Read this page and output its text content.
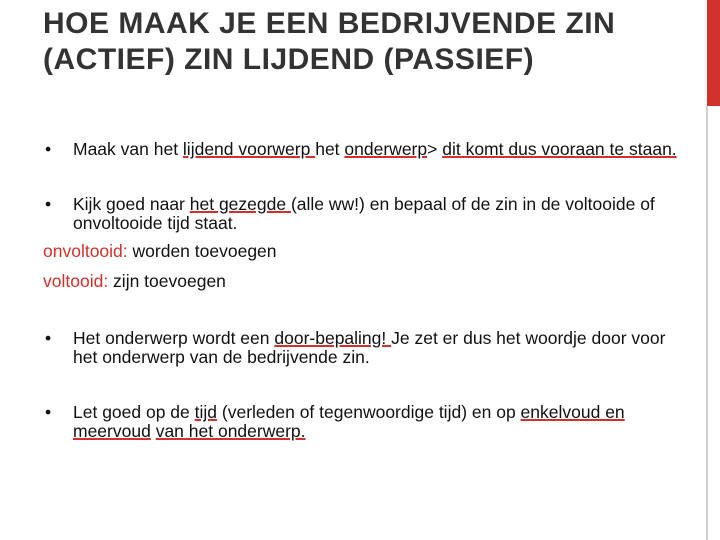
HOE MAAK JE EEN BEDRIJVENDE ZIN (ACTIEF) ZIN LIJDEND (PASSIEF)
•	Maak van het lijdend voorwerp het onderwerp> dit komt dus vooraan te staan.
•	Kijk goed naar het gezegde (alle ww!) en bepaal of de zin in de voltooide of onvoltooide tijd staat.
onvoltooid: worden toevoegen
voltooid: zijn toevoegen
•	Het onderwerp wordt een door-bepaling! Je zet er dus het woordje door voor het onderwerp van de bedrijvende zin.
•	Let goed op de tijd (verleden of tegenwoordige tijd) en op enkelvoud en meervoud van het onderwerp.
